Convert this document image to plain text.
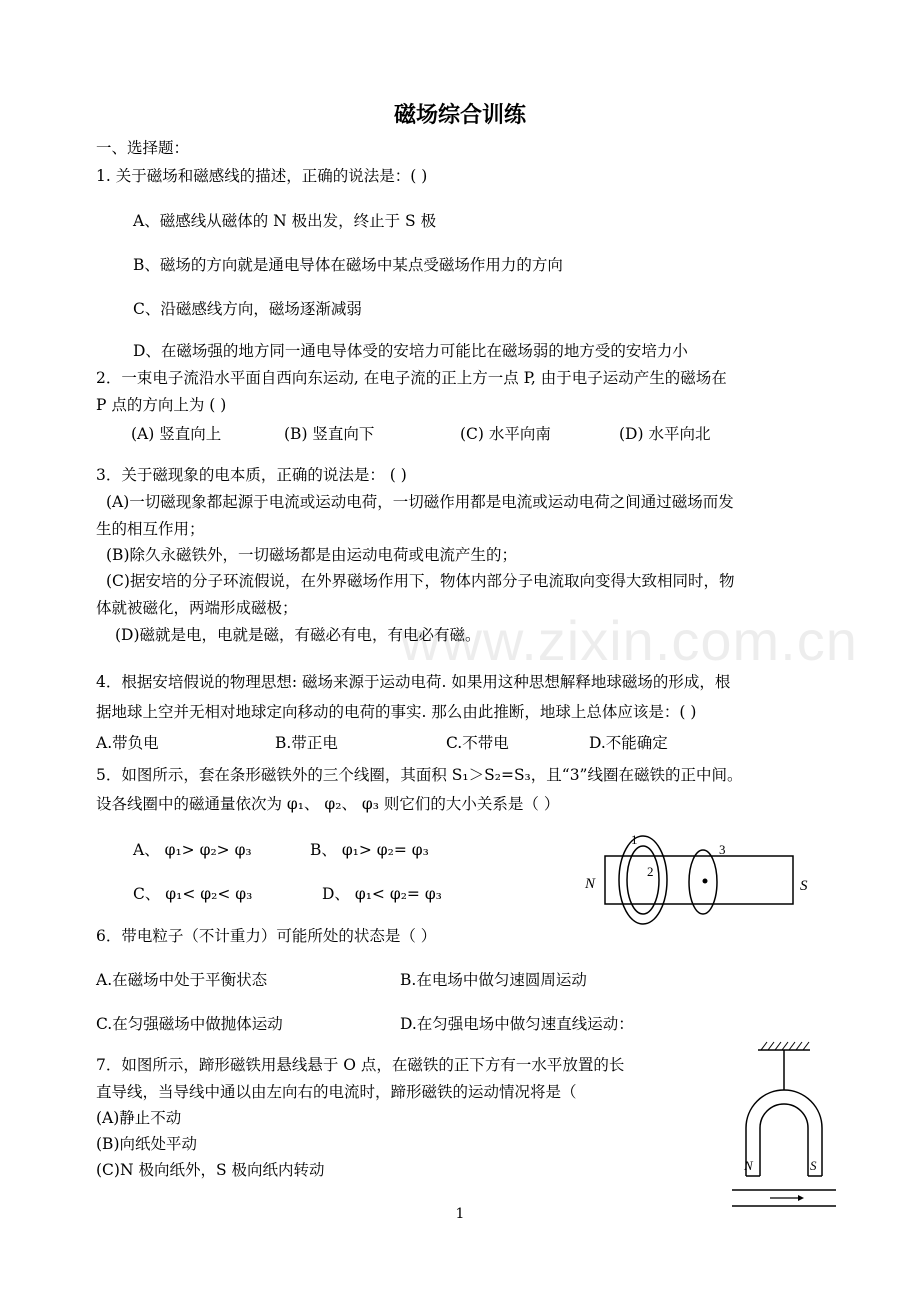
www.zixin.com.cn
磁场综合训练
一、选择题：
1. 关于磁场和磁感线的描述，正确的说法是：( )
A、磁感线从磁体的 N 极出发，终止于 S 极
B、磁场的方向就是通电导体在磁场中某点受磁场作用力的方向
C、沿磁感线方向，磁场逐渐减弱
D、在磁场强的地方同一通电导体受的安培力可能比在磁场弱的地方受的安培力小
2．一束电子流沿水平面自西向东运动, 在电子流的正上方一点 P, 由于电子运动产生的磁场在
P 点的方向上为 ( )
(A) 竖直向上	(B) 竖直向下	(C) 水平向南	(D) 水平向北
3．关于磁现象的电本质，正确的说法是： ( )
(A)一切磁现象都起源于电流或运动电荷，一切磁作用都是电流或运动电荷之间通过磁场而发
生的相互作用；
(B)除久永磁铁外，一切磁场都是由运动电荷或电流产生的；
(C)据安培的分子环流假说，在外界磁场作用下，物体内部分子电流取向变得大致相同时，物
体就被磁化，两端形成磁极；
(D)磁就是电，电就是磁，有磁必有电，有电必有磁。
4．根据安培假说的物理思想: 磁场来源于运动电荷. 如果用这种思想解释地球磁场的形成，根
据地球上空并无相对地球定向移动的电荷的事实. 那么由此推断，地球上总体应该是：( )
A.带负电	B.带正电	C.不带电	D.不能确定
5．如图所示，套在条形磁铁外的三个线圈，其面积 S₁＞S₂=S₃，且“3”线圈在磁铁的正中间。
设各线圈中的磁通量依次为 φ₁、 φ₂、 φ₃ 则它们的大小关系是（ ）
A、 φ₁> φ₂> φ₃	B、 φ₁> φ₂= φ₃
C、 φ₁< φ₂< φ₃	D、 φ₁< φ₂= φ₃
N	S
1
2
3
6．带电粒子（不计重力）可能所处的状态是（ ）
A.在磁场中处于平衡状态	B.在电场中做匀速圆周运动
C.在匀强磁场中做抛体运动	D.在匀强电场中做匀速直线运动：
7．如图所示，蹄形磁铁用悬线悬于 O 点，在磁铁的正下方有一水平放置的长
直导线，当导线中通以由左向右的电流时，蹄形磁铁的运动情况将是（
(A)静止不动
(B)向纸处平动
(C)N 极向纸外，S 极向纸内转动	N	S
1
